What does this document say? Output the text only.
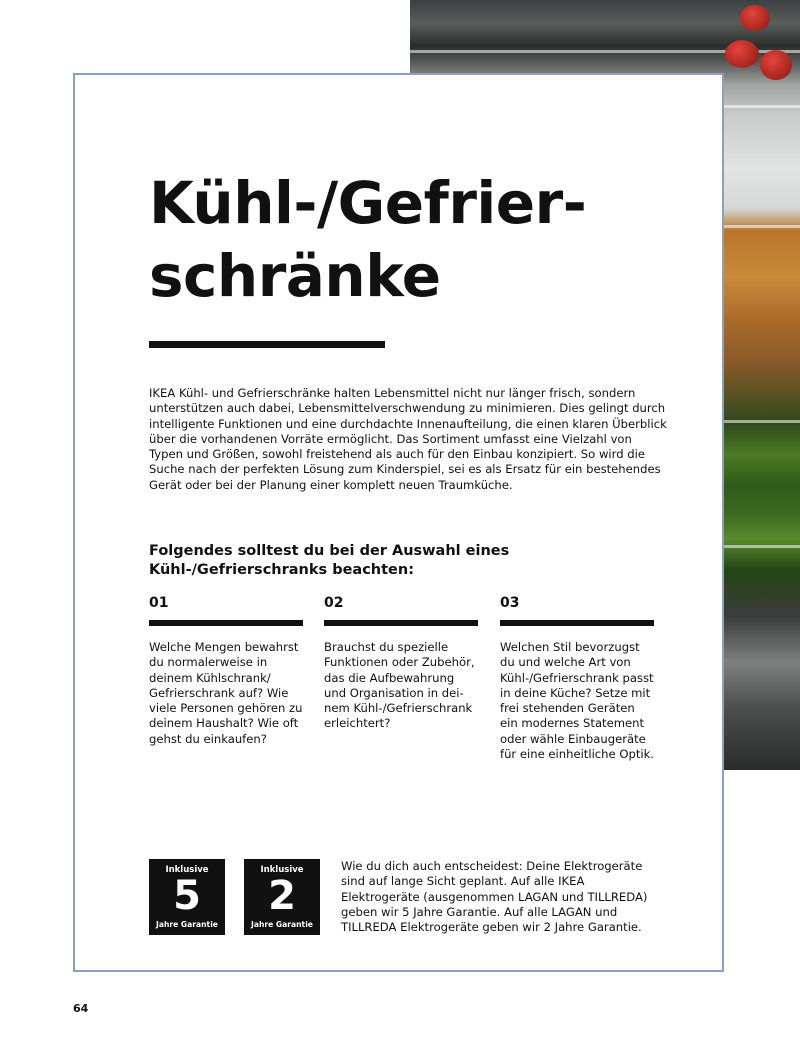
Kühl-/Gefrier-
schränke

IKEA Kühl- und Gefrierschränke halten Lebensmittel nicht nur länger frisch, sondern unterstützen auch dabei, Lebensmittelverschwendung zu minimieren. Dies gelingt durch intelligente Funktionen und eine durchdachte Innenaufteilung, die einen klaren Überblick über die vorhandenen Vorräte ermöglicht. Das Sortiment umfasst eine Vielzahl von Typen und Größen, sowohl freistehend als auch für den Einbau konzipiert. So wird die Suche nach der perfekten Lösung zum Kinderspiel, sei es als Ersatz für ein bestehendes Gerät oder bei der Planung einer komplett neuen Traumküche.

Folgendes solltest du bei der Auswahl eines Kühl-/Gefrierschranks beachten:

01

Welche Mengen bewahrst du normalerweise in deinem Kühlschrank/ Gefrierschrank auf? Wie viele Personen gehören zu deinem Haushalt? Wie oft gehst du einkaufen?

02

Brauchst du spezielle Funktionen oder Zubehör, das die Aufbewahrung und Organisation in deinem Kühl-/Gefrierschrank erleichtert?

03

Welchen Stil bevorzugst du und welche Art von Kühl-/Gefrierschrank passt in deine Küche? Setze mit frei stehenden Geräten ein modernes Statement oder wähle Einbaugeräte für eine einheitliche Optik.

Inklusive
5
Jahre Garantie
Inklusive
2
Jahre Garantie

Wie du dich auch entscheidest: Deine Elektrogeräte sind auf lange Sicht geplant. Auf alle IKEA Elektrogeräte (ausgenommen LAGAN und TILLREDA) geben wir 5 Jahre Garantie. Auf alle LAGAN und TILLREDA Elektrogeräte geben wir 2 Jahre Garantie.

64
